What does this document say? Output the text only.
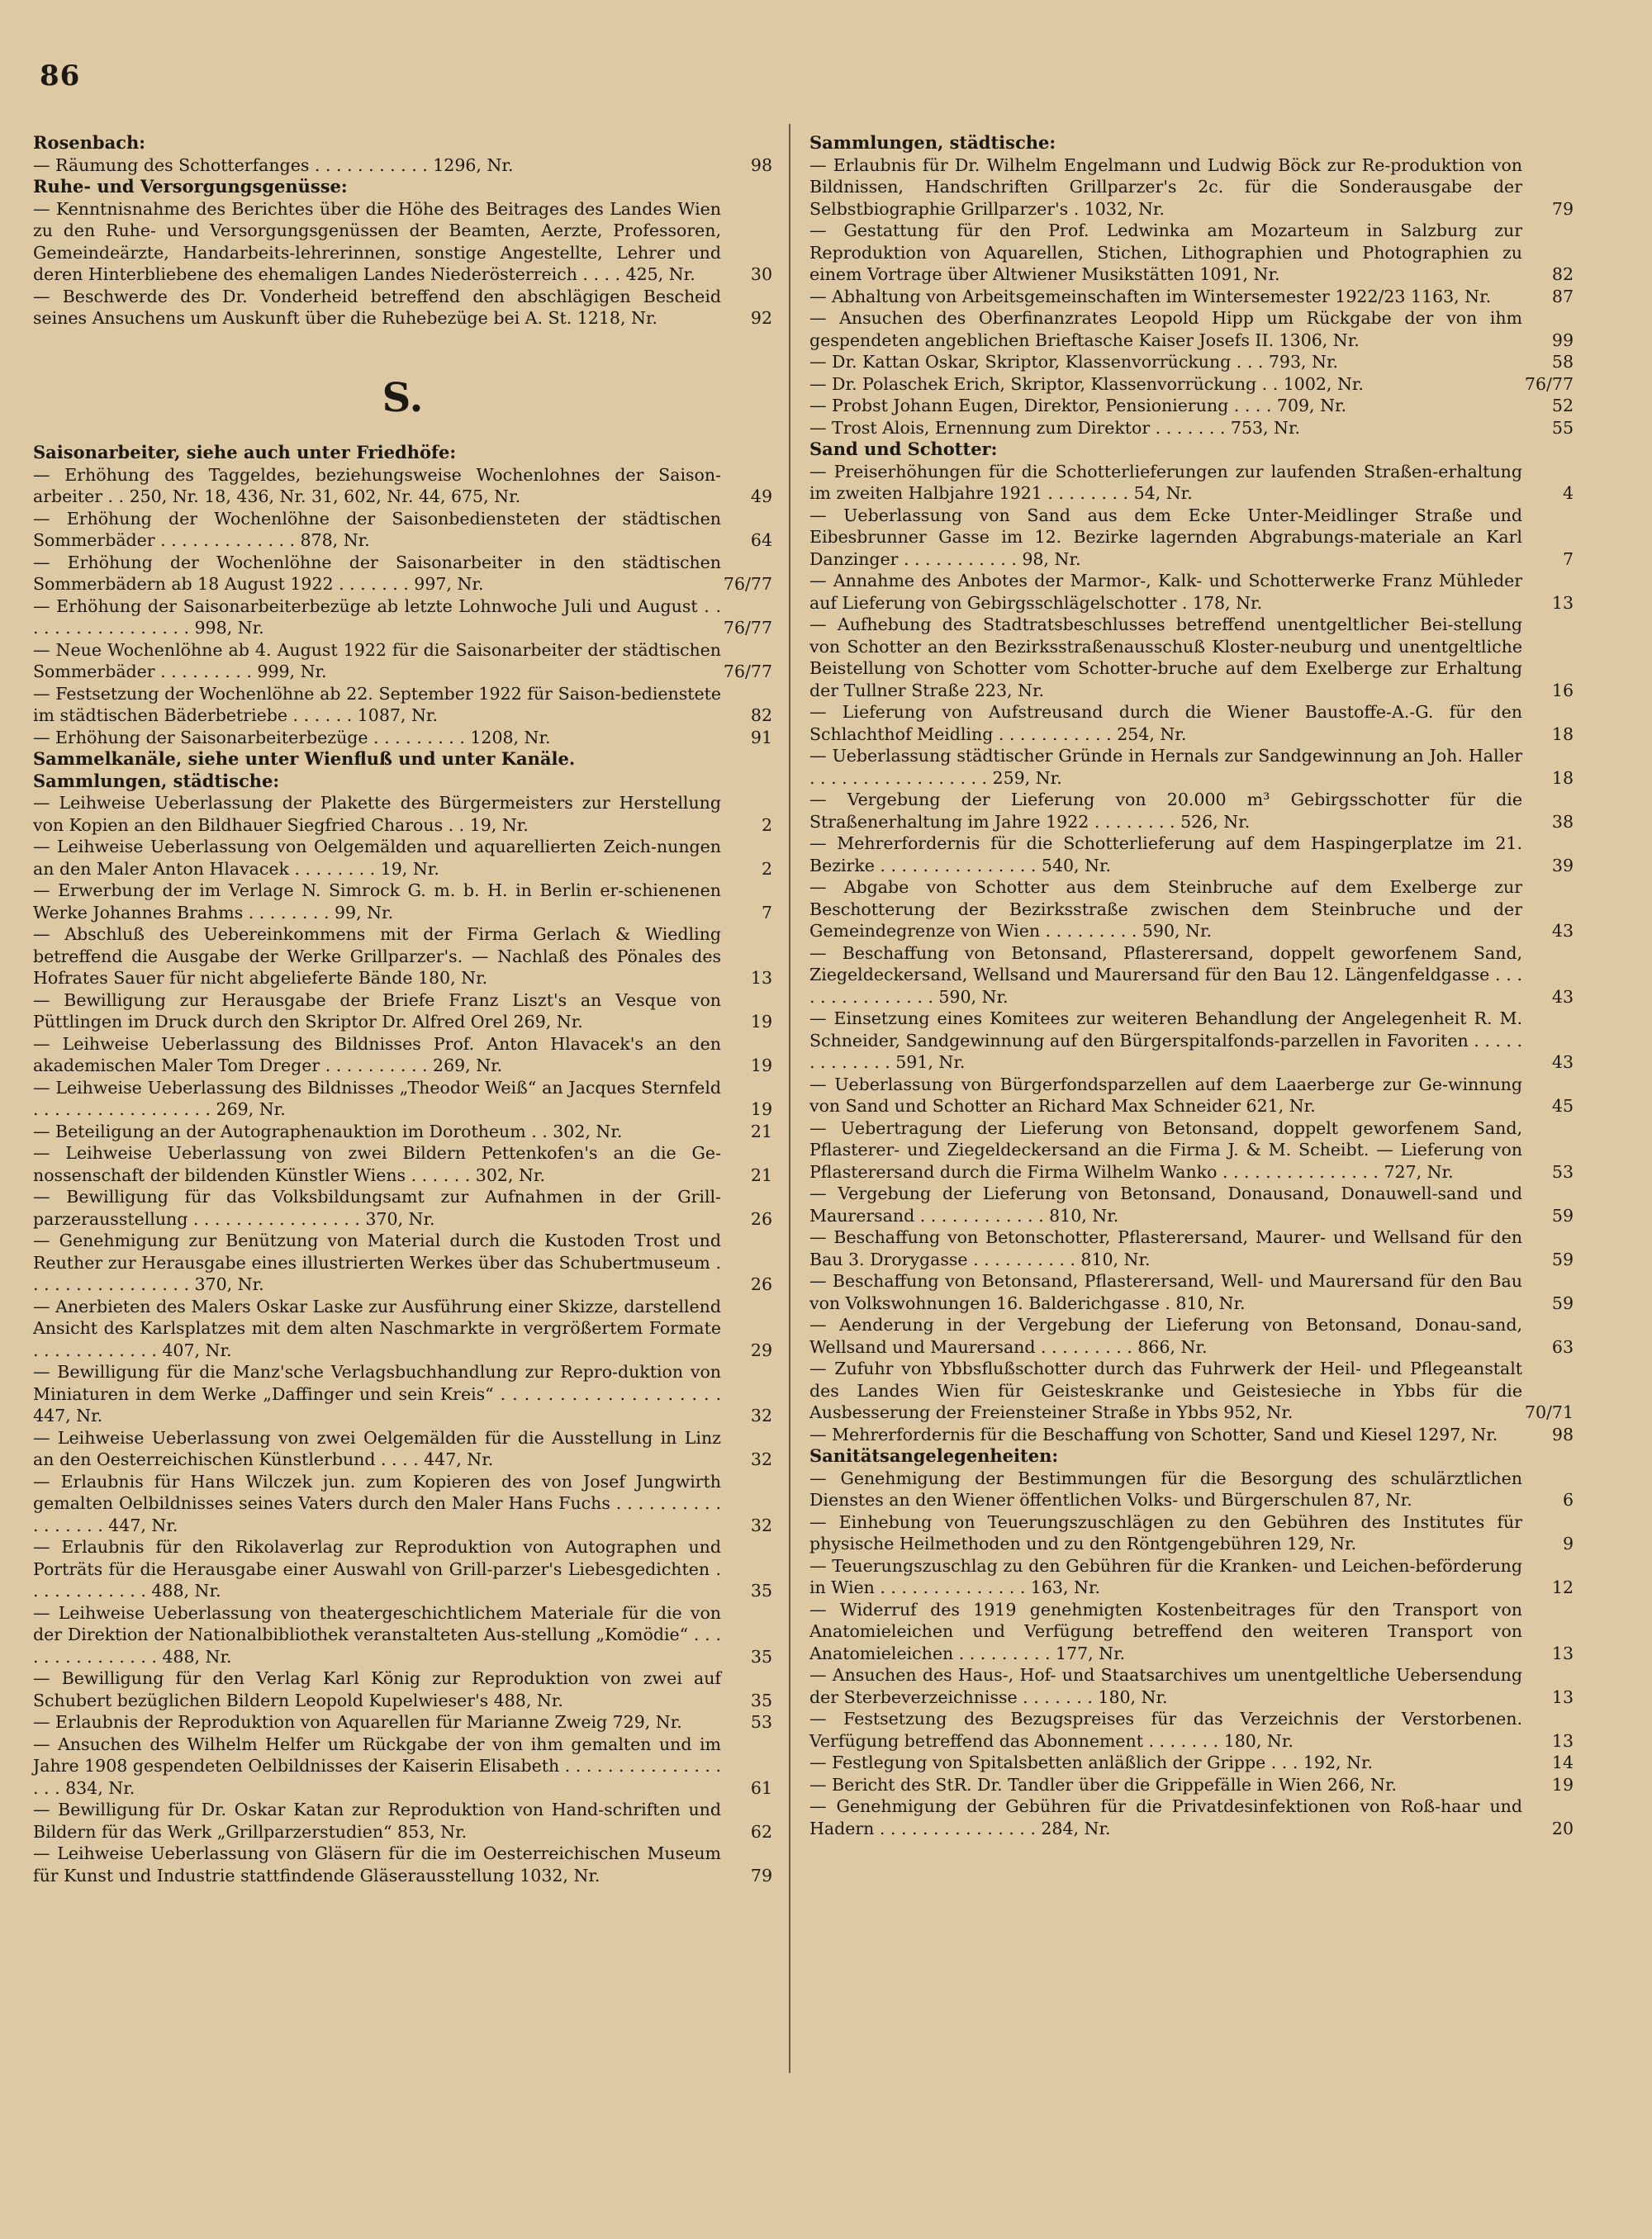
86
Rosenbach:
— Räumung des Schotterfanges . . . . . . . . . . . 1296, Nr.	98
Ruhe- und Versorgungsgenüsse:
— Kenntnisnahme des Berichtes über die Höhe des Beitrages des Landes Wien zu den Ruhe- und Versorgungsgenüssen der Beamten, Aerzte, Professoren, Gemeindeärzte, Handarbeits-lehrerinnen, sonstige Angestellte, Lehrer und deren Hinterbliebene des ehemaligen Landes Niederösterreich . . . . 425, Nr.	30
— Beschwerde des Dr. Vonderheid betreffend den abschlägigen Bescheid seines Ansuchens um Auskunft über die Ruhebezüge bei A. St. 1218, Nr.	92
S.
Saisonarbeiter, siehe auch unter Friedhöfe:
— Erhöhung des Taggeldes, beziehungsweise Wochenlohnes der Saison-arbeiter . . 250, Nr. 18, 436, Nr. 31, 602, Nr. 44, 675, Nr.	49
— Erhöhung der Wochenlöhne der Saisonbediensteten der städtischen Sommerbäder . . . . . . . . . . . . . 878, Nr.	64
— Erhöhung der Wochenlöhne der Saisonarbeiter in den städtischen Sommerbädern ab 18 August 1922 . . . . . . . 997, Nr.	76/77
— Erhöhung der Saisonarbeiterbezüge ab letzte Lohnwoche Juli und August . . . . . . . . . . . . . . . . . 998, Nr.	76/77
— Neue Wochenlöhne ab 4. August 1922 für die Saisonarbeiter der städtischen Sommerbäder . . . . . . . . . 999, Nr.	76/77
— Festsetzung der Wochenlöhne ab 22. September 1922 für Saison-bedienstete im städtischen Bäderbetriebe . . . . . . 1087, Nr.	82
— Erhöhung der Saisonarbeiterbezüge . . . . . . . . . 1208, Nr.	91
Sammelkanäle, siehe unter Wienfluß und unter Kanäle.
Sammlungen, städtische:
— Leihweise Ueberlassung der Plakette des Bürgermeisters zur Herstellung von Kopien an den Bildhauer Siegfried Charous . . 19, Nr.	2
— Leihweise Ueberlassung von Oelgemälden und aquarellierten Zeich-nungen an den Maler Anton Hlavacek . . . . . . . . 19, Nr.	2
— Erwerbung der im Verlage N. Simrock G. m. b. H. in Berlin er-schienenen Werke Johannes Brahms . . . . . . . . 99, Nr.	7
— Abschluß des Uebereinkommens mit der Firma Gerlach & Wiedling betreffend die Ausgabe der Werke Grillparzer's. — Nachlaß des Pönales des Hofrates Sauer für nicht abgelieferte Bände 180, Nr.	13
— Bewilligung zur Herausgabe der Briefe Franz Liszt's an Vesque von Püttlingen im Druck durch den Skriptor Dr. Alfred Orel 269, Nr.	19
— Leihweise Ueberlassung des Bildnisses Prof. Anton Hlavacek's an den akademischen Maler Tom Dreger . . . . . . . . . . 269, Nr.	19
— Leihweise Ueberlassung des Bildnisses „Theodor Weiß“ an Jacques Sternfeld . . . . . . . . . . . . . . . . . 269, Nr.	19
— Beteiligung an der Autographenauktion im Dorotheum . . 302, Nr.	21
— Leihweise Ueberlassung von zwei Bildern Pettenkofen's an die Ge-nossenschaft der bildenden Künstler Wiens . . . . . . 302, Nr.	21
— Bewilligung für das Volksbildungsamt zur Aufnahmen in der Grill-parzerausstellung . . . . . . . . . . . . . . . . 370, Nr.	26
— Genehmigung zur Benützung von Material durch die Kustoden Trost und Reuther zur Herausgabe eines illustrierten Werkes über das Schubertmuseum . . . . . . . . . . . . . . . . 370, Nr.	26
— Anerbieten des Malers Oskar Laske zur Ausführung einer Skizze, darstellend Ansicht des Karlsplatzes mit dem alten Naschmarkte in vergrößertem Formate . . . . . . . . . . . . 407, Nr.	29
— Bewilligung für die Manz'sche Verlagsbuchhandlung zur Repro-duktion von Miniaturen in dem Werke „Daffinger und sein Kreis“ . . . . . . . . . . . . . . . . . . . 447, Nr.	32
— Leihweise Ueberlassung von zwei Oelgemälden für die Ausstellung in Linz an den Oesterreichischen Künstlerbund . . . . 447, Nr.	32
— Erlaubnis für Hans Wilczek jun. zum Kopieren des von Josef Jungwirth gemalten Oelbildnisses seines Vaters durch den Maler Hans Fuchs . . . . . . . . . . . . . . . . . 447, Nr.	32
— Erlaubnis für den Rikolaverlag zur Reproduktion von Autographen und Porträts für die Herausgabe einer Auswahl von Grill-parzer's Liebesgedichten . . . . . . . . . . . . 488, Nr.	35
— Leihweise Ueberlassung von theatergeschichtlichem Materiale für die von der Direktion der Nationalbibliothek veranstalteten Aus-stellung „Komödie“ . . . . . . . . . . . . . . . 488, Nr.	35
— Bewilligung für den Verlag Karl König zur Reproduktion von zwei auf Schubert bezüglichen Bildern Leopold Kupelwieser's 488, Nr.	35
— Erlaubnis der Reproduktion von Aquarellen für Marianne Zweig 729, Nr.	53
— Ansuchen des Wilhelm Helfer um Rückgabe der von ihm gemalten und im Jahre 1908 gespendeten Oelbildnisses der Kaiserin Elisabeth . . . . . . . . . . . . . . . . . . 834, Nr.	61
— Bewilligung für Dr. Oskar Katan zur Reproduktion von Hand-schriften und Bildern für das Werk „Grillparzerstudien“ 853, Nr.	62
— Leihweise Ueberlassung von Gläsern für die im Oesterreichischen Museum für Kunst und Industrie stattfindende Gläserausstellung 1032, Nr.	79
Sammlungen, städtische:
— Erlaubnis für Dr. Wilhelm Engelmann und Ludwig Böck zur Re-produktion von Bildnissen, Handschriften Grillparzer's 2c. für die Sonderausgabe der Selbstbiographie Grillparzer's . 1032, Nr.	79
— Gestattung für den Prof. Ledwinka am Mozarteum in Salzburg zur Reproduktion von Aquarellen, Stichen, Lithographien und Photographien zu einem Vortrage über Altwiener Musikstätten 1091, Nr.	82
— Abhaltung von Arbeitsgemeinschaften im Wintersemester 1922/23 1163, Nr.	87
— Ansuchen des Oberfinanzrates Leopold Hipp um Rückgabe der von ihm gespendeten angeblichen Brieftasche Kaiser Josefs II. 1306, Nr.	99
— Dr. Kattan Oskar, Skriptor, Klassenvorrückung . . . 793, Nr.	58
— Dr. Polaschek Erich, Skriptor, Klassenvorrückung . . 1002, Nr.	76/77
— Probst Johann Eugen, Direktor, Pensionierung . . . . 709, Nr.	52
— Trost Alois, Ernennung zum Direktor . . . . . . . 753, Nr.	55
Sand und Schotter:
— Preiserhöhungen für die Schotterlieferungen zur laufenden Straßen-erhaltung im zweiten Halbjahre 1921 . . . . . . . . 54, Nr.	4
— Ueberlassung von Sand aus dem Ecke Unter-Meidlinger Straße und Eibesbrunner Gasse im 12. Bezirke lagernden Abgrabungs-materiale an Karl Danzinger . . . . . . . . . . . 98, Nr.	7
— Annahme des Anbotes der Marmor-, Kalk- und Schotterwerke Franz Mühleder auf Lieferung von Gebirgsschlägelschotter . 178, Nr.	13
— Aufhebung des Stadtratsbeschlusses betreffend unentgeltlicher Bei-stellung von Schotter an den Bezirksstraßenausschuß Kloster-neuburg und unentgeltliche Beistellung von Schotter vom Schotter-bruche auf dem Exelberge zur Erhaltung der Tullner Straße 223, Nr.	16
— Lieferung von Aufstreusand durch die Wiener Baustoffe-A.-G. für den Schlachthof Meidling . . . . . . . . . . . 254, Nr.	18
— Ueberlassung städtischer Gründe in Hernals zur Sandgewinnung an Joh. Haller . . . . . . . . . . . . . . . . . 259, Nr.	18
— Vergebung der Lieferung von 20.000 m³ Gebirgsschotter für die Straßenerhaltung im Jahre 1922 . . . . . . . . 526, Nr.	38
— Mehrerfordernis für die Schotterlieferung auf dem Haspingerplatze im 21. Bezirke . . . . . . . . . . . . . . . 540, Nr.	39
— Abgabe von Schotter aus dem Steinbruche auf dem Exelberge zur Beschotterung der Bezirksstraße zwischen dem Steinbruche und der Gemeindegrenze von Wien . . . . . . . . . 590, Nr.	43
— Beschaffung von Betonsand, Pflasterersand, doppelt geworfenem Sand, Ziegeldeckersand, Wellsand und Maurersand für den Bau 12. Längenfeldgasse . . . . . . . . . . . . . . . 590, Nr.	43
— Einsetzung eines Komitees zur weiteren Behandlung der Angelegenheit R. M. Schneider, Sandgewinnung auf den Bürgerspitalfonds-parzellen in Favoriten . . . . . . . . . . . . . 591, Nr.	43
— Ueberlassung von Bürgerfondsparzellen auf dem Laaerberge zur Ge-winnung von Sand und Schotter an Richard Max Schneider 621, Nr.	45
— Uebertragung der Lieferung von Betonsand, doppelt geworfenem Sand, Pflasterer- und Ziegeldeckersand an die Firma J. & M. Scheibt. — Lieferung von Pflasterersand durch die Firma Wilhelm Wanko . . . . . . . . . . . . . . . 727, Nr.	53
— Vergebung der Lieferung von Betonsand, Donausand, Donauwell-sand und Maurersand . . . . . . . . . . . . 810, Nr.	59
— Beschaffung von Betonschotter, Pflasterersand, Maurer- und Wellsand für den Bau 3. Drorygasse . . . . . . . . . . 810, Nr.	59
— Beschaffung von Betonsand, Pflasterersand, Well- und Maurersand für den Bau von Volkswohnungen 16. Balderichgasse . 810, Nr.	59
— Aenderung in der Vergebung der Lieferung von Betonsand, Donau-sand, Wellsand und Maurersand . . . . . . . . . 866, Nr.	63
— Zufuhr von Ybbsflußschotter durch das Fuhrwerk der Heil- und Pflegeanstalt des Landes Wien für Geisteskranke und Geistesieche in Ybbs für die Ausbesserung der Freiensteiner Straße in Ybbs 952, Nr.	70/71
— Mehrerfordernis für die Beschaffung von Schotter, Sand und Kiesel 1297, Nr.	98
Sanitätsangelegenheiten:
— Genehmigung der Bestimmungen für die Besorgung des schulärztlichen Dienstes an den Wiener öffentlichen Volks- und Bürgerschulen 87, Nr.	6
— Einhebung von Teuerungszuschlägen zu den Gebühren des Institutes für physische Heilmethoden und zu den Röntgengebühren 129, Nr.	9
— Teuerungszuschlag zu den Gebühren für die Kranken- und Leichen-beförderung in Wien . . . . . . . . . . . . . . 163, Nr.	12
— Widerruf des 1919 genehmigten Kostenbeitrages für den Transport von Anatomieleichen und Verfügung betreffend den weiteren Transport von Anatomieleichen . . . . . . . . . 177, Nr.	13
— Ansuchen des Haus-, Hof- und Staatsarchives um unentgeltliche Uebersendung der Sterbeverzeichnisse . . . . . . . 180, Nr.	13
— Festsetzung des Bezugspreises für das Verzeichnis der Verstorbenen. Verfügung betreffend das Abonnement . . . . . . . 180, Nr.	13
— Festlegung von Spitalsbetten anläßlich der Grippe . . . 192, Nr.	14
— Bericht des StR. Dr. Tandler über die Grippefälle in Wien 266, Nr.	19
— Genehmigung der Gebühren für die Privatdesinfektionen von Roß-haar und Hadern . . . . . . . . . . . . . . . 284, Nr.	20
